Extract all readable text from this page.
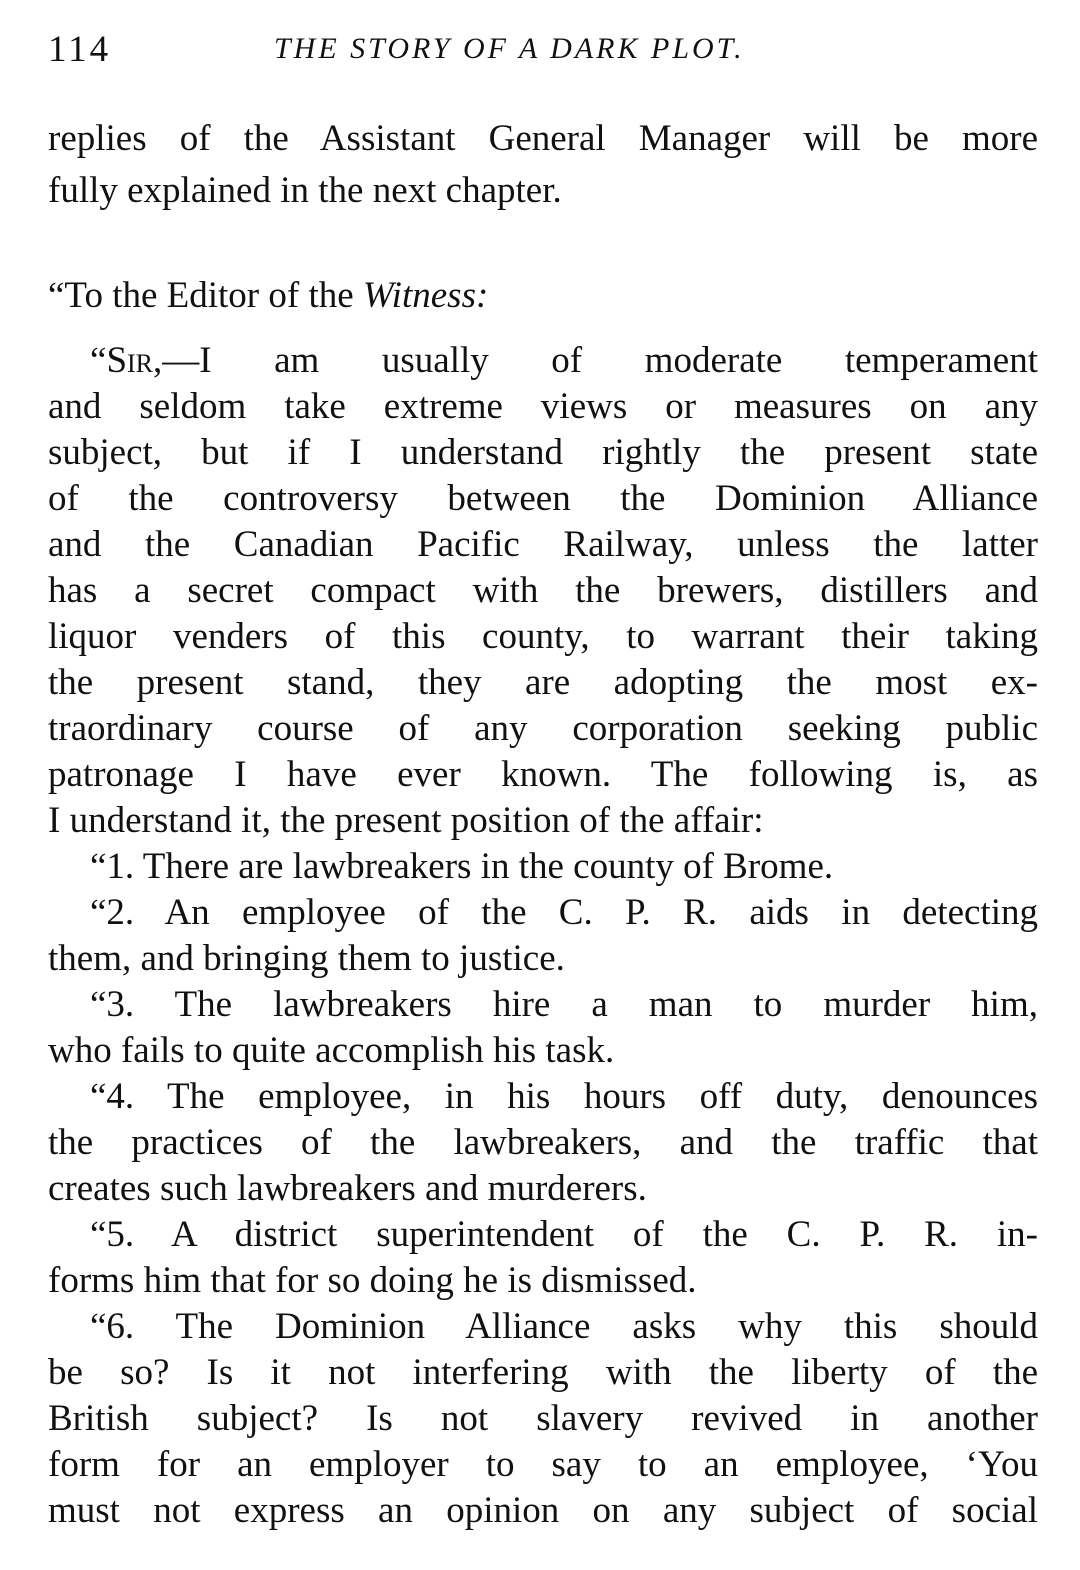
114	THE STORY OF A DARK PLOT.
replies of the Assistant General Manager will be more
fully explained in the next chapter.
“To the Editor of the Witness:
“Sir,—I am usually of moderate temperament
and seldom take extreme views or measures on any
subject, but if I understand rightly the present state
of the controversy between the Dominion Alliance
and the Canadian Pacific Railway, unless the latter
has a secret compact with the brewers, distillers and
liquor venders of this county, to warrant their taking
the present stand, they are adopting the most ex-
traordinary course of any corporation seeking public
patronage I have ever known. The following is, as
I understand it, the present position of the affair:
“1. There are lawbreakers in the county of Brome.
“2. An employee of the C. P. R. aids in detecting
them, and bringing them to justice.
“3. The lawbreakers hire a man to murder him,
who fails to quite accomplish his task.
“4. The employee, in his hours off duty, denounces
the practices of the lawbreakers, and the traffic that
creates such lawbreakers and murderers.
“5. A district superintendent of the C. P. R. in-
forms him that for so doing he is dismissed.
“6. The Dominion Alliance asks why this should
be so? Is it not interfering with the liberty of the
British subject? Is not slavery revived in another
form for an employer to say to an employee, ‘You
must not express an opinion on any subject of social
